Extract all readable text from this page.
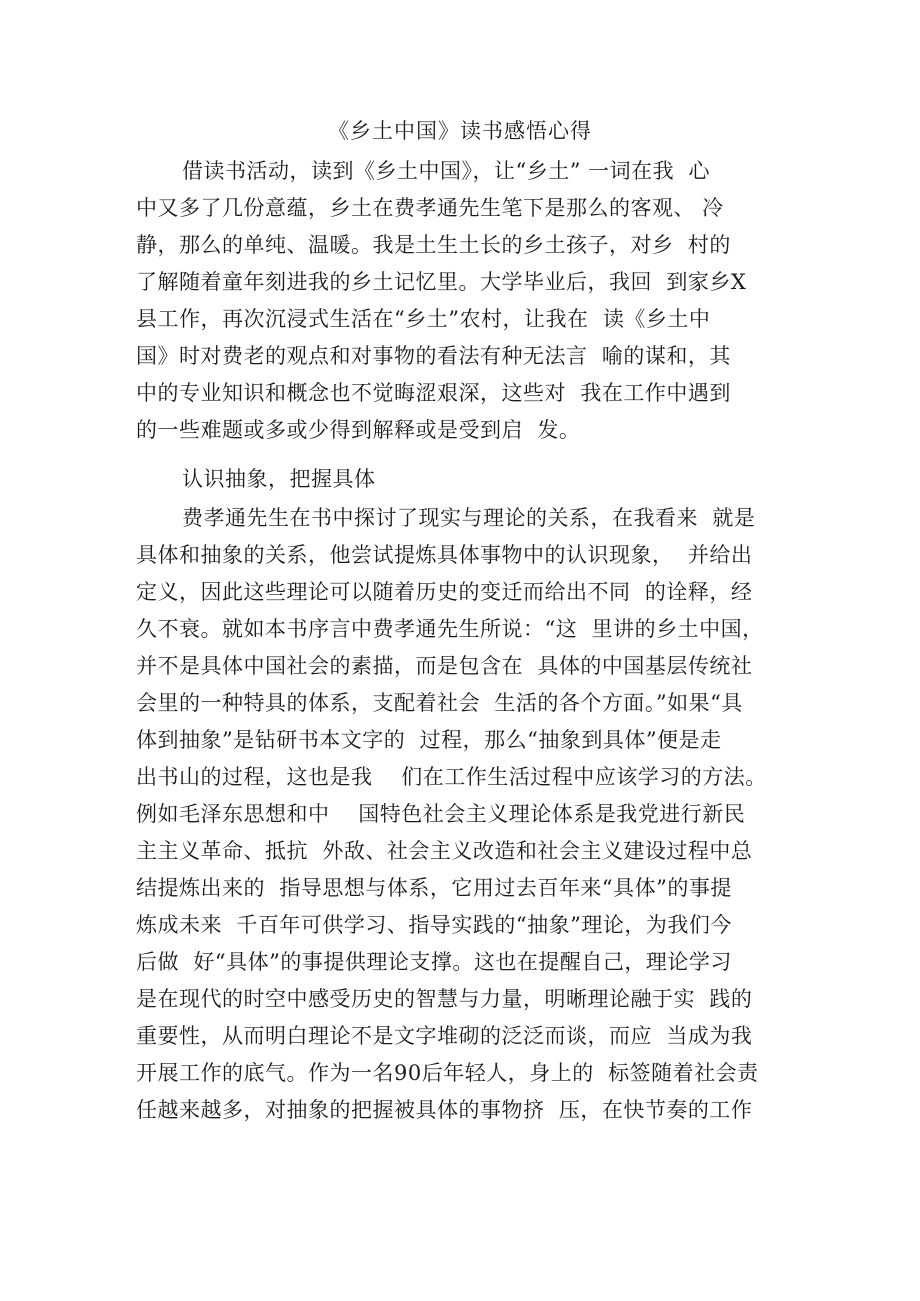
《乡土中国》读书感悟心得
借读书活动，读到《乡土中国》，让“乡土” 一词在我  心
中又多了几份意蕴，乡土在费孝通先生笔下是那么的客观、 冷
静，那么的单纯、温暖。我是土生土长的乡土孩子，对乡  村的
了解随着童年刻进我的乡土记忆里。大学毕业后，我回  到家乡X
县工作，再次沉浸式生活在“乡土”农村，让我在  读《乡土中
国》时对费老的观点和对事物的看法有种无法言  喻的谋和，其
中的专业知识和概念也不觉晦涩艰深，这些对  我在工作中遇到
的一些难题或多或少得到解释或是受到启  发。
认识抽象，把握具体
费孝通先生在书中探讨了现实与理论的关系，在我看来  就是
具体和抽象的关系，他尝试提炼具体事物中的认识现象，  并给出
定义，因此这些理论可以随着历史的变迁而给出不同  的诠释，经
久不衰。就如本书序言中费孝通先生所说：“这  里讲的乡土中国，
并不是具体中国社会的素描，而是包含在  具体的中国基层传统社
会里的一种特具的体系，支配着社会  生活的各个方面。”如果“具
体到抽象”是钻研书本文字的  过程，那么“抽象到具体”便是走
出书山的过程，这也是我    们在工作生活过程中应该学习的方法。
例如毛泽东思想和中    国特色社会主义理论体系是我党进行新民
主主义革命、抵抗  外敌、社会主义改造和社会主义建设过程中总
结提炼出来的  指导思想与体系，它用过去百年来“具体”的事提
炼成未来  千百年可供学习、指导实践的“抽象”理论，为我们今
后做  好“具体”的事提供理论支撑。这也在提醒自己，理论学习
是在现代的时空中感受历史的智慧与力量，明晰理论融于实  践的
重要性，从而明白理论不是文字堆砌的泛泛而谈，而应  当成为我
开展工作的底气。作为一名90后年轻人，身上的  标签随着社会责
任越来越多，对抽象的把握被具体的事物挤  压，在快节奏的工作
